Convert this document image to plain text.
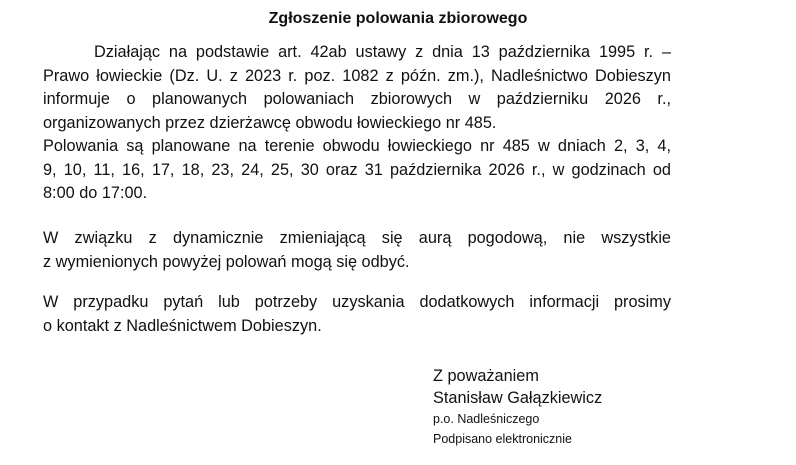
Zgłoszenie polowania zbiorowego
Działając na podstawie art. 42ab ustawy z dnia 13 października 1995 r. –
Prawo łowieckie (Dz. U. z 2023 r. poz. 1082 z późn. zm.), Nadleśnictwo Dobieszyn
informuje o planowanych polowaniach zbiorowych w październiku 2026 r.,
organizowanych przez dzierżawcę obwodu łowieckiego nr 485.
Polowania są planowane na terenie obwodu łowieckiego nr 485 w dniach 2, 3, 4,
9, 10, 11, 16, 17, 18, 23, 24, 25, 30 oraz 31 października 2026 r., w godzinach od
8:00 do 17:00.
W związku z dynamicznie zmieniającą się aurą pogodową, nie wszystkie
z wymienionych powyżej polowań mogą się odbyć.
W przypadku pytań lub potrzeby uzyskania dodatkowych informacji prosimy
o kontakt z Nadleśnictwem Dobieszyn.
Z poważaniem
Stanisław Gałązkiewicz
p.o. Nadleśniczego
Podpisano elektronicznie
